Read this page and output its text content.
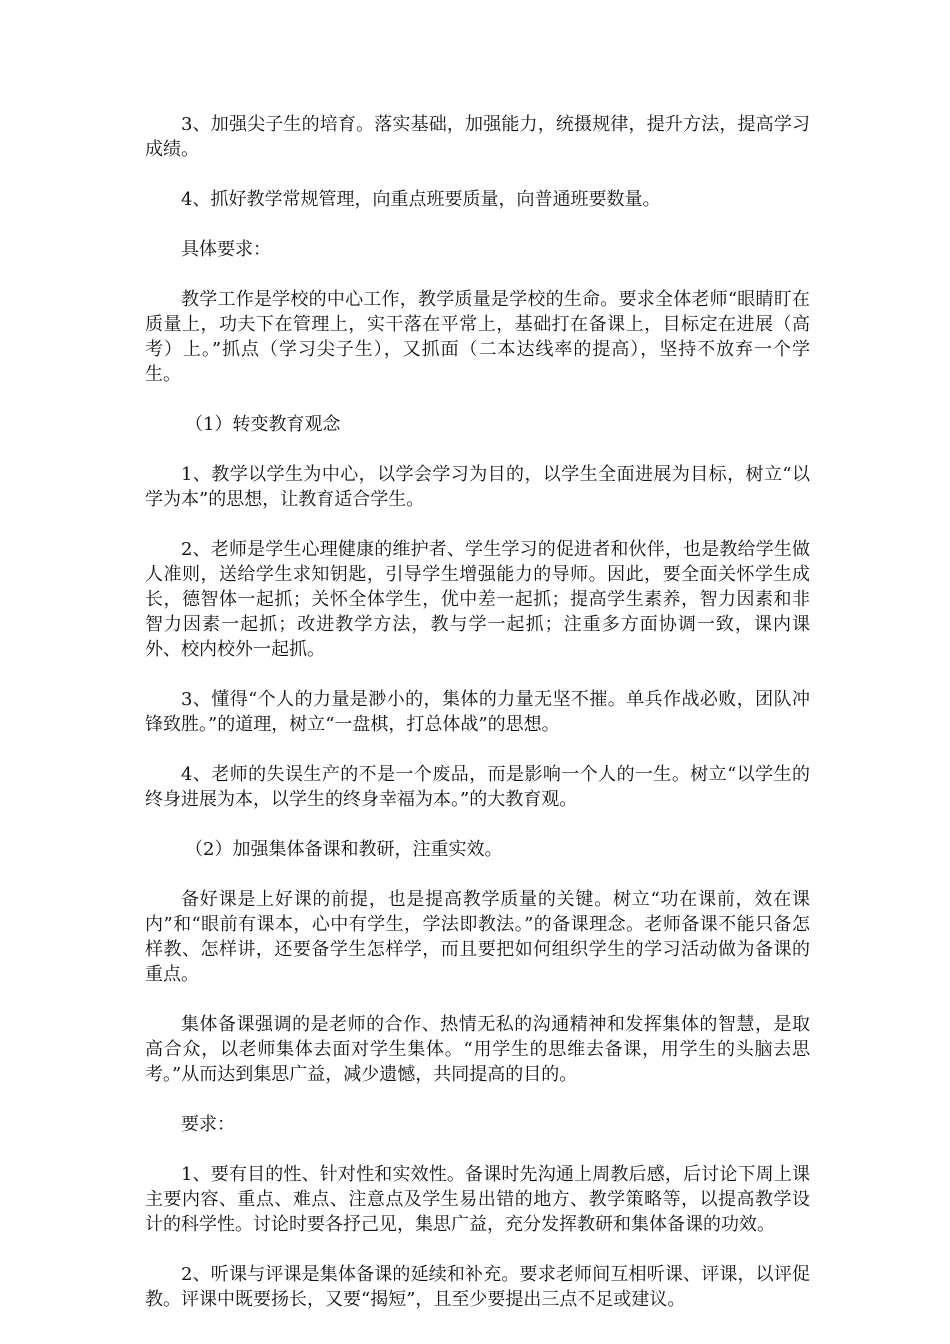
3、加强尖子生的培育。落实基础，加强能力，统摄规律，提升方法，提高学习成绩。

4、抓好教学常规管理，向重点班要质量，向普通班要数量。

具体要求：

教学工作是学校的中心工作，教学质量是学校的生命。要求全体老师“眼睛盯在质量上，功夫下在管理上，实干落在平常上，基础打在备课上，目标定在进展（高考）上。”抓点（学习尖子生），又抓面（二本达线率的提高），坚持不放弃一个学生。

（1）转变教育观念

1、教学以学生为中心，以学会学习为目的，以学生全面进展为目标，树立“以学为本”的思想，让教育适合学生。

2、老师是学生心理健康的维护者、学生学习的促进者和伙伴，也是教给学生做人准则，送给学生求知钥匙，引导学生增强能力的导师。因此，要全面关怀学生成长，德智体一起抓；关怀全体学生，优中差一起抓；提高学生素养，智力因素和非智力因素一起抓；改进教学方法，教与学一起抓；注重多方面协调一致，课内课外、校内校外一起抓。

3、懂得“个人的力量是渺小的，集体的力量无坚不摧。单兵作战必败，团队冲锋致胜。”的道理，树立“一盘棋，打总体战”的思想。

4、老师的失误生产的不是一个废品，而是影响一个人的一生。树立“以学生的终身进展为本，以学生的终身幸福为本。”的大教育观。

（2）加强集体备课和教研，注重实效。

备好课是上好课的前提，也是提高教学质量的关键。树立“功在课前，效在课内”和“眼前有课本，心中有学生，学法即教法。”的备课理念。老师备课不能只备怎样教、怎样讲，还要备学生怎样学，而且要把如何组织学生的学习活动做为备课的重点。

集体备课强调的是老师的合作、热情无私的沟通精神和发挥集体的智慧，是取高合众，以老师集体去面对学生集体。“用学生的思维去备课，用学生的头脑去思考。”从而达到集思广益，减少遗憾，共同提高的目的。

要求：

1、要有目的性、针对性和实效性。备课时先沟通上周教后感，后讨论下周上课主要内容、重点、难点、注意点及学生易出错的地方、教学策略等，以提高教学设计的科学性。讨论时要各抒己见，集思广益，充分发挥教研和集体备课的功效。

2、听课与评课是集体备课的延续和补充。要求老师间互相听课、评课，以评促教。评课中既要扬长，又要“揭短”，且至少要提出三点不足或建议。
